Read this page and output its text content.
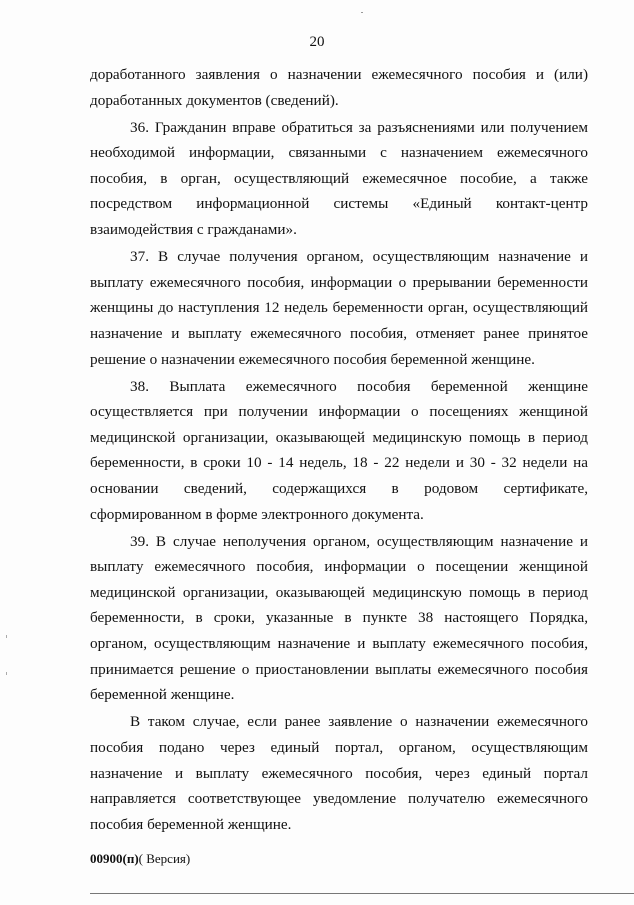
20

доработанного заявления о назначении ежемесячного пособия и (или) доработанных документов (сведений).

36. Гражданин вправе обратиться за разъяснениями или получением необходимой информации, связанными с назначением ежемесячного пособия, в орган, осуществляющий ежемесячное пособие, а также посредством информационной системы «Единый контакт-центр взаимодействия с гражданами».

37. В случае получения органом, осуществляющим назначение и выплату ежемесячного пособия, информации о прерывании беременности женщины до наступления 12 недель беременности орган, осуществляющий назначение и выплату ежемесячного пособия, отменяет ранее принятое решение о назначении ежемесячного пособия беременной женщине.

38. Выплата ежемесячного пособия беременной женщине осуществляется при получении информации о посещениях женщиной медицинской организации, оказывающей медицинскую помощь в период беременности, в сроки 10 - 14 недель, 18 - 22 недели и 30 - 32 недели на основании сведений, содержащихся в родовом сертификате, сформированном в форме электронного документа.

39. В случае неполучения органом, осуществляющим назначение и выплату ежемесячного пособия, информации о посещении женщиной медицинской организации, оказывающей медицинскую помощь в период беременности, в сроки, указанные в пункте 38 настоящего Порядка, органом, осуществляющим назначение и выплату ежемесячного пособия, принимается решение о приостановлении выплаты ежемесячного пособия беременной женщине.

В таком случае, если ранее заявление о назначении ежемесячного пособия подано через единый портал, органом, осуществляющим назначение и выплату ежемесячного пособия, через единый портал направляется соответствующее уведомление получателю ежемесячного пособия беременной женщине.

00900(п)( Версия)
